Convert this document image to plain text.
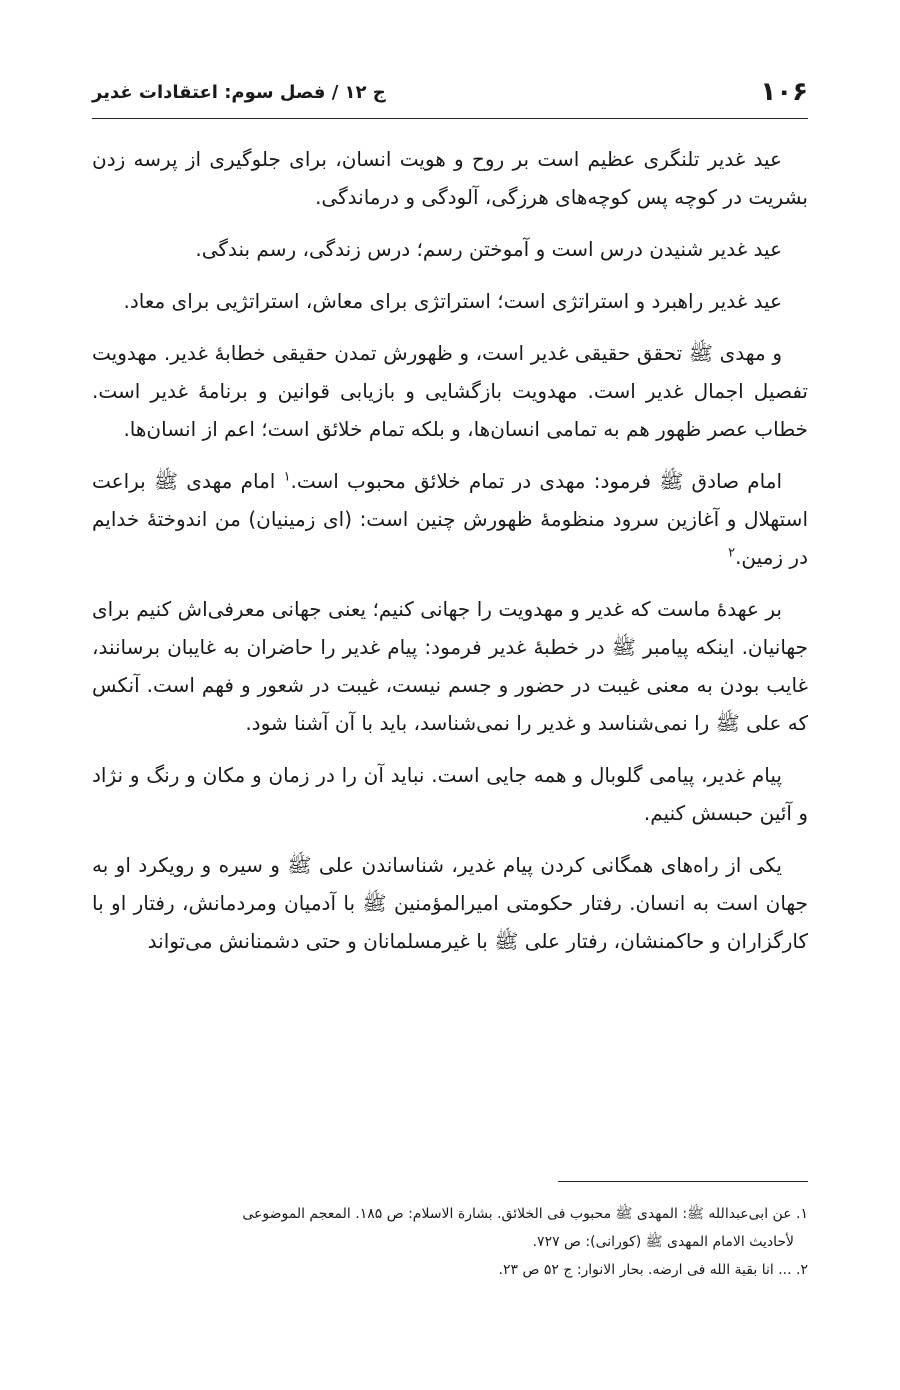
۱۰۶
ج ۱۲ / فصل سوم: اعتقادات غدیر

عید غدیر تلنگری عظیم است بر روح و هویت انسان، برای جلوگیری از پرسه زدن بشریت در کوچه پس کوچه‌های هرزگی، آلودگی و درماندگی.

عید غدیر شنیدن درس است و آموختن رسم؛ درس زندگی، رسم بندگی.

عید غدیر راهبرد و استراتژی است؛ استراتژی برای معاش، استراتژیی برای معاد.

و مهدی ﷺ تحقق حقیقی غدیر است، و ظهورش تمدن حقیقی خطابهٔ غدیر. مهدویت تفصیل اجمال غدیر است. مهدویت بازگشایی و بازیابی قوانین و برنامهٔ غدیر است. خطاب عصر ظهور هم به تمامی انسان‌ها، و بلکه تمام خلائق است؛ اعم از انسان‌ها.

امام صادق ﷺ فرمود: مهدی در تمام خلائق محبوب است.$^۱$ امام مهدی ﷺ براعت استهلال و آغازین سرود منظومهٔ ظهورش چنین است: (ای زمینیان) من اندوختهٔ خدایم در زمین.$^۲$

بر عهدهٔ ماست که غدیر و مهدویت را جهانی کنیم؛ یعنی جهانی معرفی‌اش کنیم برای جهانیان. اینکه پیامبر ﷺ در خطبهٔ غدیر فرمود: پیام غدیر را حاضران به غایبان برسانند، غایب بودن به معنی غیبت در حضور و جسم نیست، غیبت در شعور و فهم است. آنکس که علی ﷺ را نمی‌شناسد و غدیر را نمی‌شناسد، باید با آن آشنا شود.

پیام غدیر، پیامی گلوبال و همه جایی است. نباید آن را در زمان و مکان و رنگ و نژاد و آئین حبسش کنیم.

یکی از راه‌های همگانی کردن پیام غدیر، شناساندن علی ﷺ و سیره و رویکرد او به جهان است به انسان. رفتار حکومتی امیرالمؤمنین ﷺ با آدمیان ومردمانش، رفتار او با کارگزاران و حاکمنشان، رفتار علی ﷺ با غیرمسلمانان و حتی دشمنانش می‌تواند

۱. عن ابی‌عبدالله ﷺ: المهدی ﷺ محبوب فی الخلائق. بشارة الاسلام: ص ۱۸۵. المعجم الموضوعی

لأحادیث الامام المهدی ﷺ (کورانی): ص ۷۲۷.

۲. ... انا بقیة الله فی ارضه. بحار الانوار: ج ۵۲ ص ۲۳.
